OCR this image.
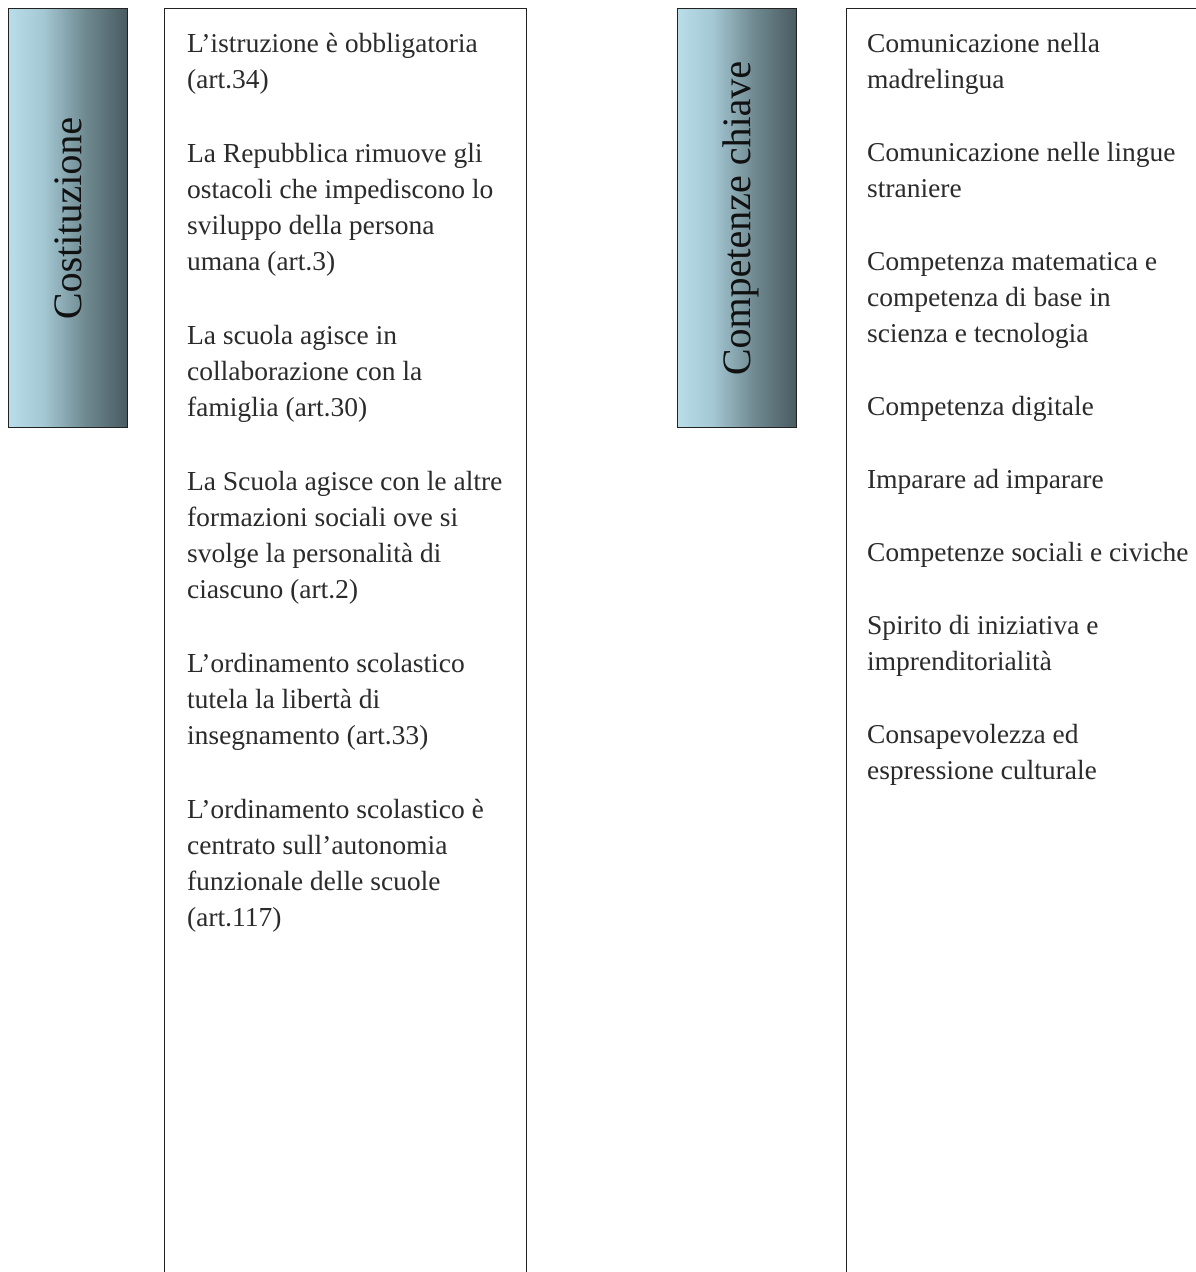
Costituzione

L’istruzione è obbligatoria (art.34)

La Repubblica rimuove gli ostacoli che impediscono lo sviluppo della persona umana (art.3)

La scuola agisce in collaborazione con la famiglia (art.30)

La Scuola agisce con le altre formazioni sociali ove si svolge la personalità di ciascuno (art.2)

L’ordinamento scolastico tutela la libertà di insegnamento (art.33)

L’ordinamento scolastico è centrato sull’autonomia funzionale delle scuole (art.117)

Competenze chiave

Comunicazione nella madrelingua

Comunicazione nelle lingue straniere

Competenza matematica e competenza di base in scienza e tecnologia

Competenza digitale

Imparare ad imparare

Competenze sociali e civiche

Spirito di iniziativa e imprenditorialità

Consapevolezza ed espressione culturale
